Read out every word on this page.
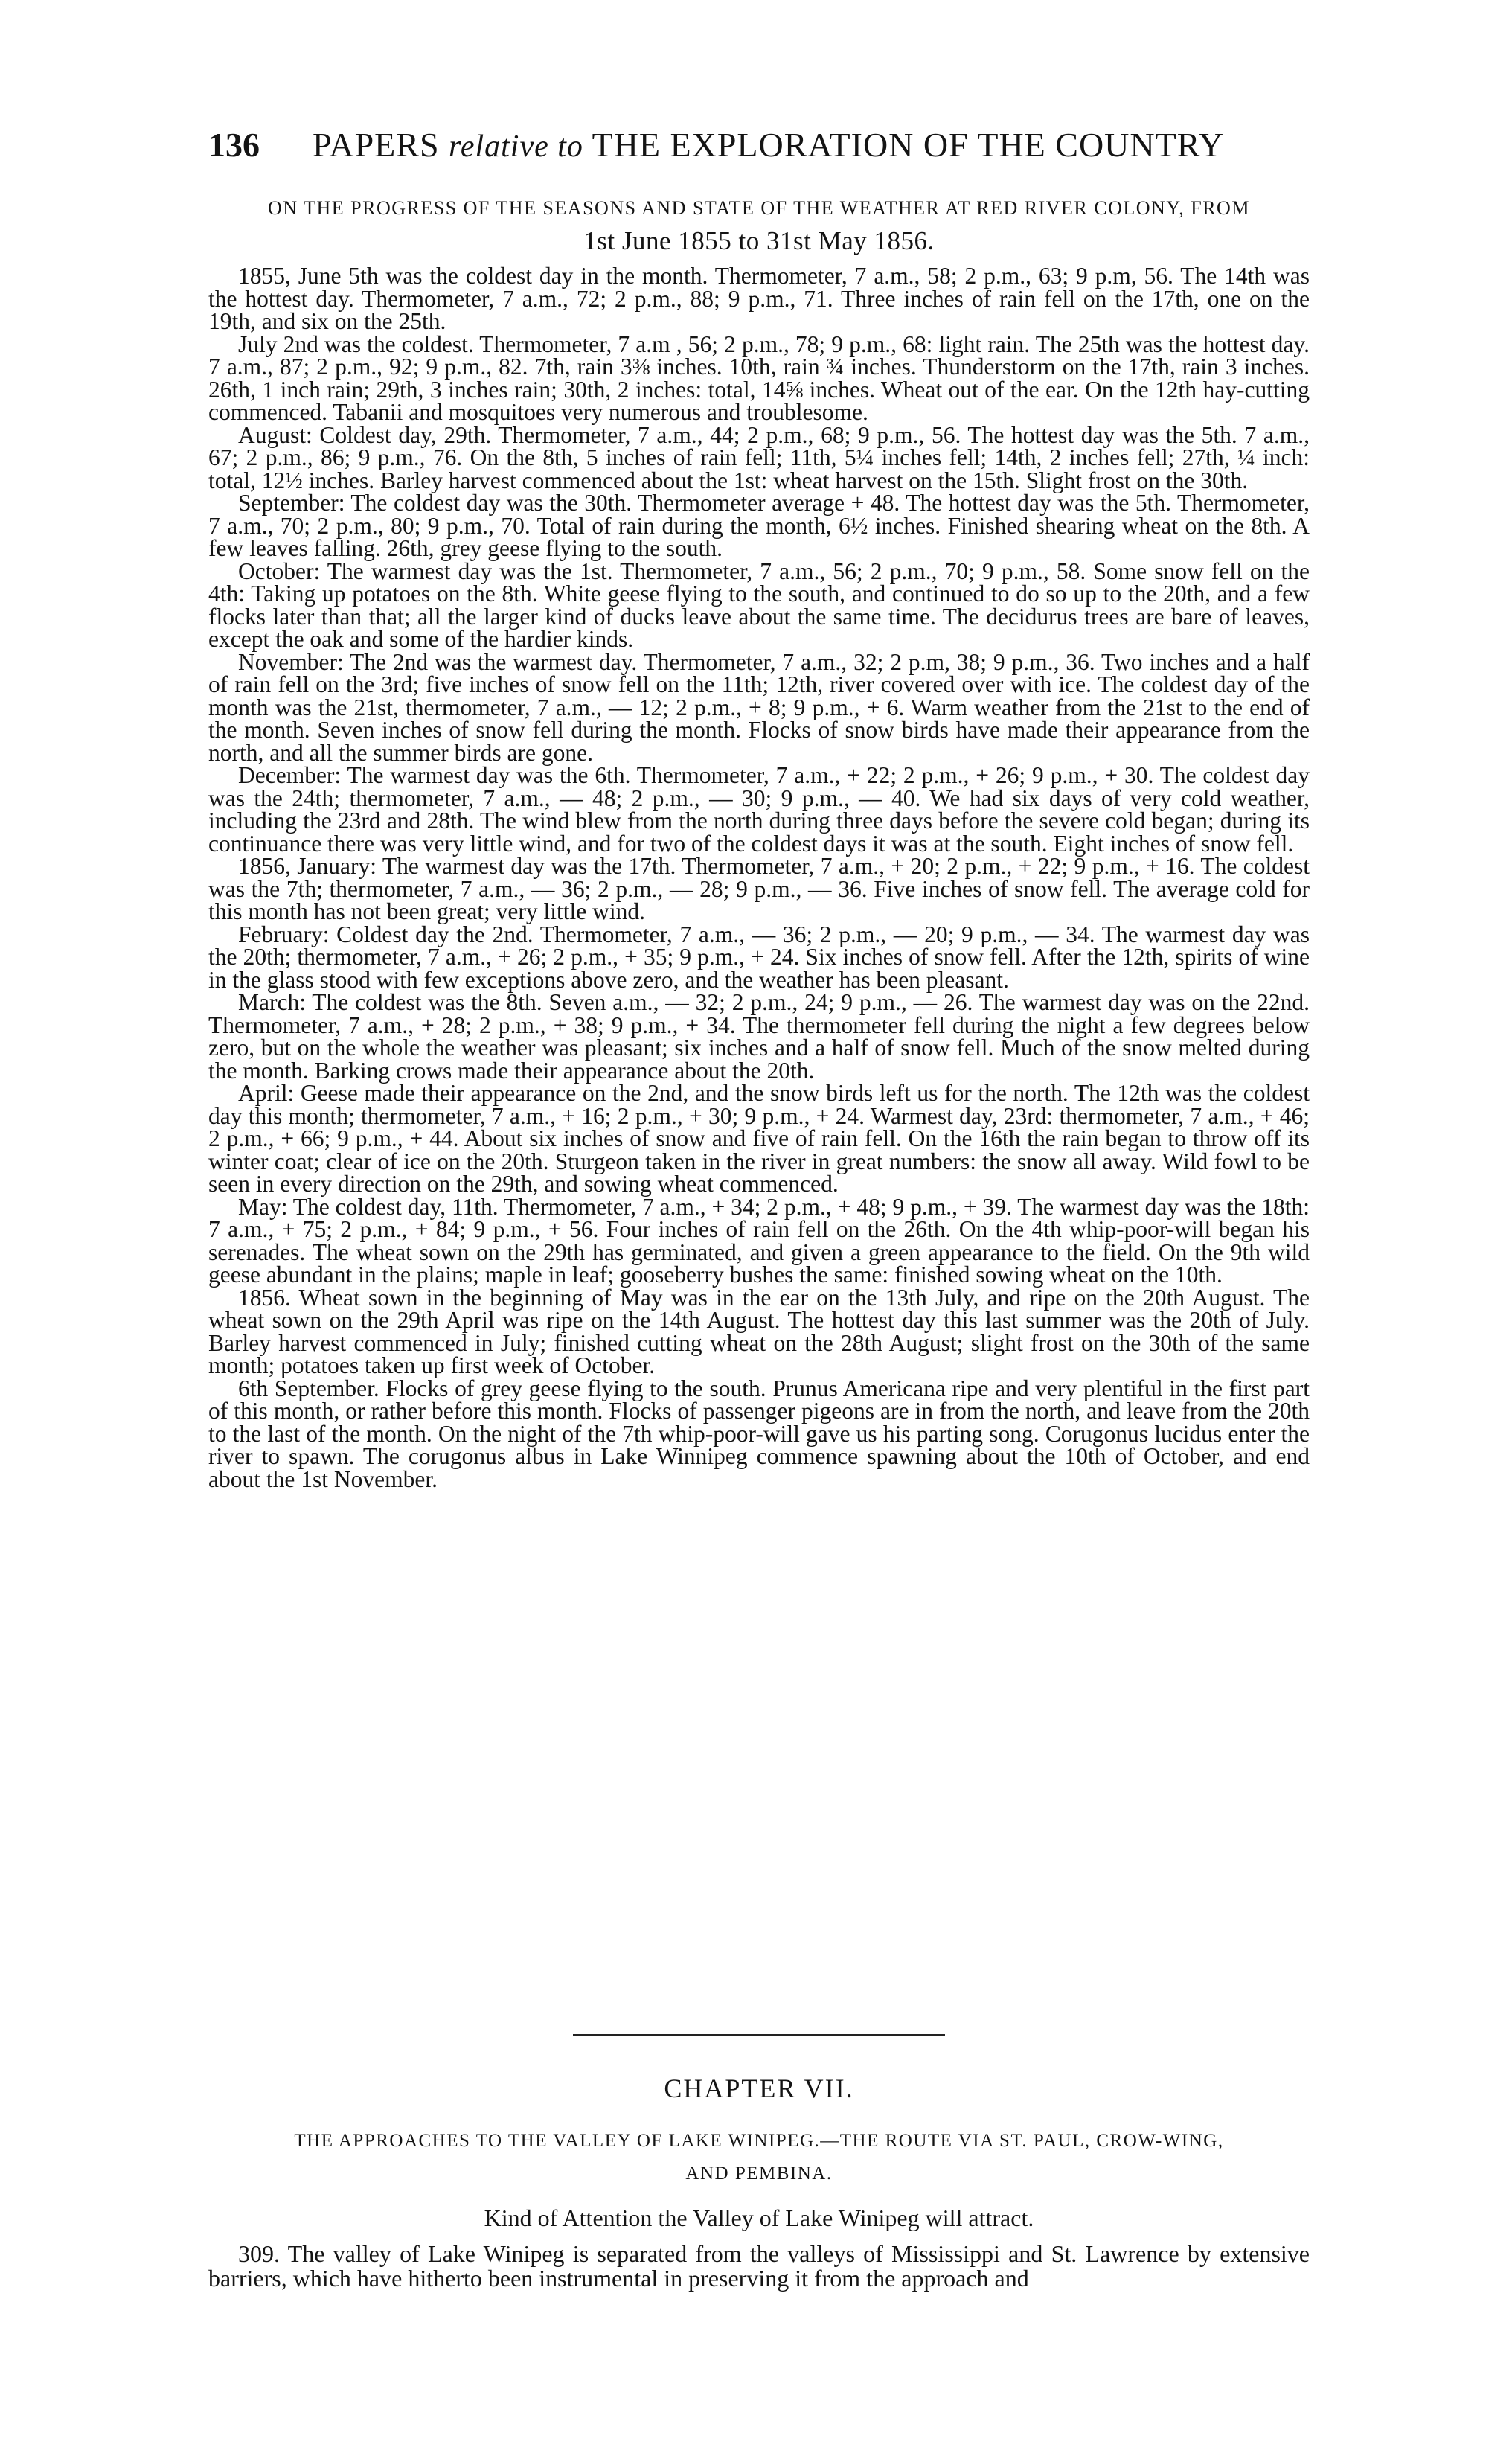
136 PAPERS relative to THE EXPLORATION OF THE COUNTRY
ON THE PROGRESS OF THE SEASONS AND STATE OF THE WEATHER AT RED RIVER COLONY, FROM
1st June 1855 to 31st May 1856.

1855, June 5th was the coldest day in the month. Thermometer, 7 a.m., 58; 2 p.m., 63; 9 p.m, 56. The 14th was the hottest day. Thermometer, 7 a.m., 72; 2 p.m., 88; 9 p.m., 71. Three inches of rain fell on the 17th, one on the 19th, and six on the 25th.

July 2nd was the coldest. Thermometer, 7 a.m , 56; 2 p.m., 78; 9 p.m., 68: light rain. The 25th was the hottest day. 7 a.m., 87; 2 p.m., 92; 9 p.m., 82. 7th, rain 3⅜ inches. 10th, rain ¾ inches. Thunderstorm on the 17th, rain 3 inches. 26th, 1 inch rain; 29th, 3 inches rain; 30th, 2 inches: total, 14⅝ inches. Wheat out of the ear. On the 12th hay-cutting commenced. Tabanii and mosquitoes very numerous and troublesome.

August: Coldest day, 29th. Thermometer, 7 a.m., 44; 2 p.m., 68; 9 p.m., 56. The hottest day was the 5th. 7 a.m., 67; 2 p.m., 86; 9 p.m., 76. On the 8th, 5 inches of rain fell; 11th, 5¼ inches fell; 14th, 2 inches fell; 27th, ¼ inch: total, 12½ inches. Barley harvest commenced about the 1st: wheat harvest on the 15th. Slight frost on the 30th.

September: The coldest day was the 30th. Thermometer average + 48. The hottest day was the 5th. Thermometer, 7 a.m., 70; 2 p.m., 80; 9 p.m., 70. Total of rain during the month, 6½ inches. Finished shearing wheat on the 8th. A few leaves falling. 26th, grey geese flying to the south.

October: The warmest day was the 1st. Thermometer, 7 a.m., 56; 2 p.m., 70; 9 p.m., 58. Some snow fell on the 4th: Taking up potatoes on the 8th. White geese flying to the south, and continued to do so up to the 20th, and a few flocks later than that; all the larger kind of ducks leave about the same time. The decidurus trees are bare of leaves, except the oak and some of the hardier kinds.

November: The 2nd was the warmest day. Thermometer, 7 a.m., 32; 2 p.m, 38; 9 p.m., 36. Two inches and a half of rain fell on the 3rd; five inches of snow fell on the 11th; 12th, river covered over with ice. The coldest day of the month was the 21st, thermometer, 7 a.m., — 12; 2 p.m., + 8; 9 p.m., + 6. Warm weather from the 21st to the end of the month. Seven inches of snow fell during the month. Flocks of snow birds have made their appearance from the north, and all the summer birds are gone.

December: The warmest day was the 6th. Thermometer, 7 a.m., + 22; 2 p.m., + 26; 9 p.m., + 30. The coldest day was the 24th; thermometer, 7 a.m., — 48; 2 p.m., — 30; 9 p.m., — 40. We had six days of very cold weather, including the 23rd and 28th. The wind blew from the north during three days before the severe cold began; during its continuance there was very little wind, and for two of the coldest days it was at the south. Eight inches of snow fell.

1856, January: The warmest day was the 17th. Thermometer, 7 a.m., + 20; 2 p.m., + 22; 9 p.m., + 16. The coldest was the 7th; thermometer, 7 a.m., — 36; 2 p.m., — 28; 9 p.m., — 36. Five inches of snow fell. The average cold for this month has not been great; very little wind.

February: Coldest day the 2nd. Thermometer, 7 a.m., — 36; 2 p.m., — 20; 9 p.m., — 34. The warmest day was the 20th; thermometer, 7 a.m., + 26; 2 p.m., + 35; 9 p.m., + 24. Six inches of snow fell. After the 12th, spirits of wine in the glass stood with few exceptions above zero, and the weather has been pleasant.

March: The coldest was the 8th. Seven a.m., — 32; 2 p.m., 24; 9 p.m., — 26. The warmest day was on the 22nd. Thermometer, 7 a.m., + 28; 2 p.m., + 38; 9 p.m., + 34. The thermometer fell during the night a few degrees below zero, but on the whole the weather was pleasant; six inches and a half of snow fell. Much of the snow melted during the month. Barking crows made their appearance about the 20th.

April: Geese made their appearance on the 2nd, and the snow birds left us for the north. The 12th was the coldest day this month; thermometer, 7 a.m., + 16; 2 p.m., + 30; 9 p.m., + 24. Warmest day, 23rd: thermometer, 7 a.m., + 46; 2 p.m., + 66; 9 p.m., + 44. About six inches of snow and five of rain fell. On the 16th the rain began to throw off its winter coat; clear of ice on the 20th. Sturgeon taken in the river in great numbers: the snow all away. Wild fowl to be seen in every direction on the 29th, and sowing wheat commenced.

May: The coldest day, 11th. Thermometer, 7 a.m., + 34; 2 p.m., + 48; 9 p.m., + 39. The warmest day was the 18th: 7 a.m., + 75; 2 p.m., + 84; 9 p.m., + 56. Four inches of rain fell on the 26th. On the 4th whip-poor-will began his serenades. The wheat sown on the 29th has germinated, and given a green appearance to the field. On the 9th wild geese abundant in the plains; maple in leaf; gooseberry bushes the same: finished sowing wheat on the 10th.

1856. Wheat sown in the beginning of May was in the ear on the 13th July, and ripe on the 20th August. The wheat sown on the 29th April was ripe on the 14th August. The hottest day this last summer was the 20th of July. Barley harvest commenced in July; finished cutting wheat on the 28th August; slight frost on the 30th of the same month; potatoes taken up first week of October.

6th September. Flocks of grey geese flying to the south. Prunus Americana ripe and very plentiful in the first part of this month, or rather before this month. Flocks of passenger pigeons are in from the north, and leave from the 20th to the last of the month. On the night of the 7th whip-poor-will gave us his parting song. Corugonus lucidus enter the river to spawn. The corugonus albus in Lake Winnipeg commence spawning about the 10th of October, and end about the 1st November.

CHAPTER VII.
THE APPROACHES TO THE VALLEY OF LAKE WINIPEG.—THE ROUTE VIA ST. PAUL, CROW-WING,
AND PEMBINA.
Kind of Attention the Valley of Lake Winipeg will attract.

309. The valley of Lake Winipeg is separated from the valleys of Mississippi and St. Lawrence by extensive barriers, which have hitherto been instrumental in preserving it from the approach and
